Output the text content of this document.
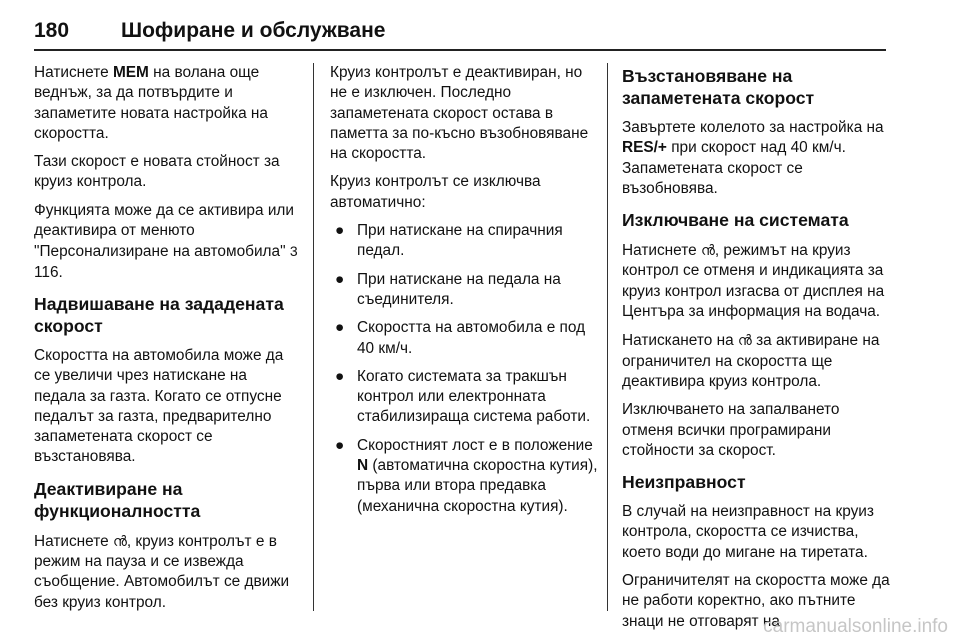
180 Шофиране и обслужване

Натиснете MEM на волана още веднъж, за да потвърдите и запаметите новата настройка на скоростта.

Тази скорост е новата стойност за круиз контрола.

Функцията може да се активира или деактивира от менюто "Персонализиране на автомобила" 3 116.

Надвишаване на зададената скорост

Скоростта на автомобила може да се увеличи чрез натискане на педала за газта. Когато се отпусне педалът за газта, предварително запаметената скорост се възстановява.

Деактивиране на функционалността

Натиснете ൻ, круиз контролът е в режим на пауза и се извежда съобщение. Автомобилът се движи без круиз контрол.

Круиз контролът е деактивиран, но не е изключен. Последно запаметената скорост остава в паметта за по-късно възобновяване на скоростта.

Круиз контролът се изключва автоматично:

● При натискане на спирачния педал.
● При натискане на педала на съединителя.
● Скоростта на автомобила е под 40 км/ч.
● Когато системата за тракшън контрол или електронната стабилизираща система работи.
● Скоростният лост е в положение N (автоматична скоростна кутия), първа или втора предавка (механична скоростна кутия).
Възстановяване на запаметената скорост

Завъртете колелото за настройка на RES/+ при скорост над 40 км/ч. Запаметената скорост се възобновява.

Изключване на системата

Натиснете ൻ, режимът на круиз контрол се отменя и индикацията за круиз контрол изгасва от дисплея на Центъра за информация на водача.

Натискането на ൻ за активиране на ограничител на скоростта ще деактивира круиз контрола.

Изключването на запалването отменя всички програмирани стойности за скорост.

Неизправност

В случай на неизправност на круиз контрола, скоростта се изчиства, което води до мигане на тиретата.

Ограничителят на скоростта може да не работи коректно, ако пътните знаци не отговарят на

carmanualsonline.info
